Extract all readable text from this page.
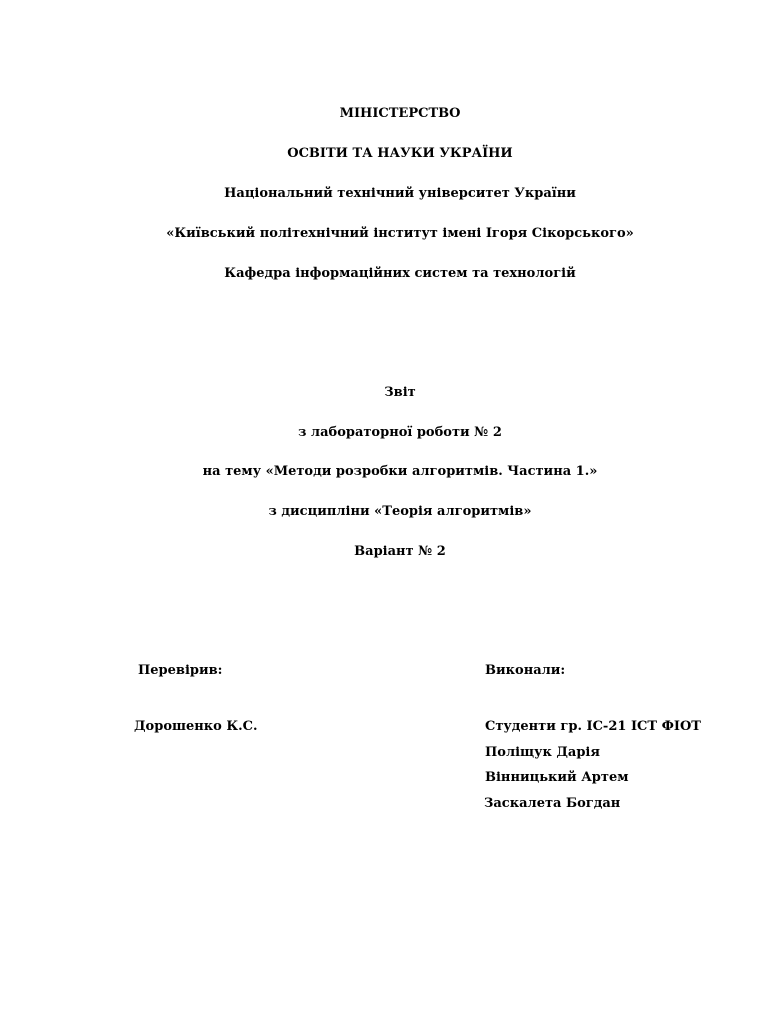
МІНІСТЕРСТВО
ОСВІТИ ТА НАУКИ УКРАЇНИ
Національний технічний університет України
«Київський політехнічний інститут імені Ігоря Сікорського»
Кафедра інформаційних систем та технологій
Звіт
з лабораторної роботи № 2
на тему «Методи розробки алгоритмів. Частина 1.»
з дисципліни «Теорія алгоритмів»
Варіант № 2
Перевірив:	Виконали:
Дорошенко К.С.	Студенти гр. ІС-21 ІСТ ФІОТ
Поліщук Дарія
Вінницький Артем
Заскалета Богдан
